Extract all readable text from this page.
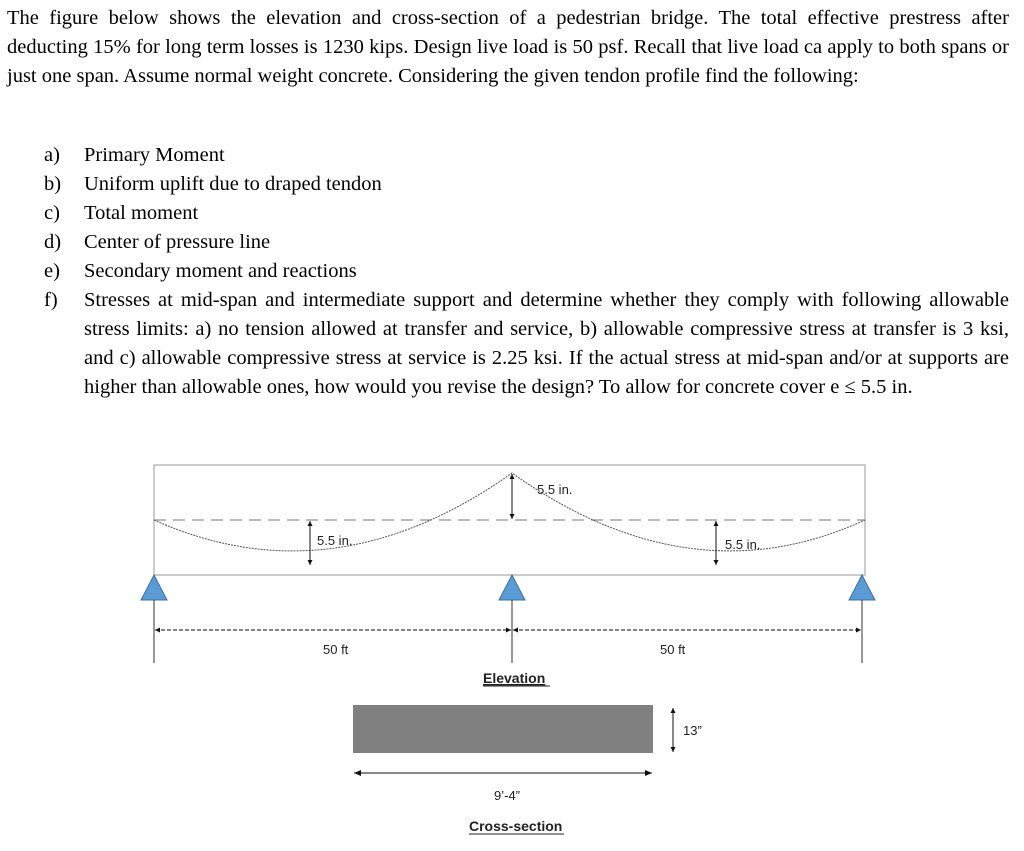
The figure below shows the elevation and cross-section of a pedestrian bridge. The total effective prestress after deducting 15% for long term losses is 1230 kips. Design live load is 50 psf. Recall that live load ca apply to both spans or just one span. Assume normal weight concrete. Considering the given tendon profile find the following:

a) Primary Moment
b) Uniform uplift due to draped tendon
c) Total moment
d) Center of pressure line
e) Secondary moment and reactions
f) Stresses at mid-span and intermediate support and determine whether they comply with following allowable stress limits: a) no tension allowed at transfer and service, b) allowable compressive stress at transfer is 3 ksi, and c) allowable compressive stress at service is 2.25 ksi. If the actual stress at mid-span and/or at supports are higher than allowable ones, how would you revise the design? To allow for concrete cover e ≤ 5.5 in.
5.5 in.
5.5 in.	5.5 in.
50 ft	50 ft
Elevation
13”
9’-4”
Cross-section
